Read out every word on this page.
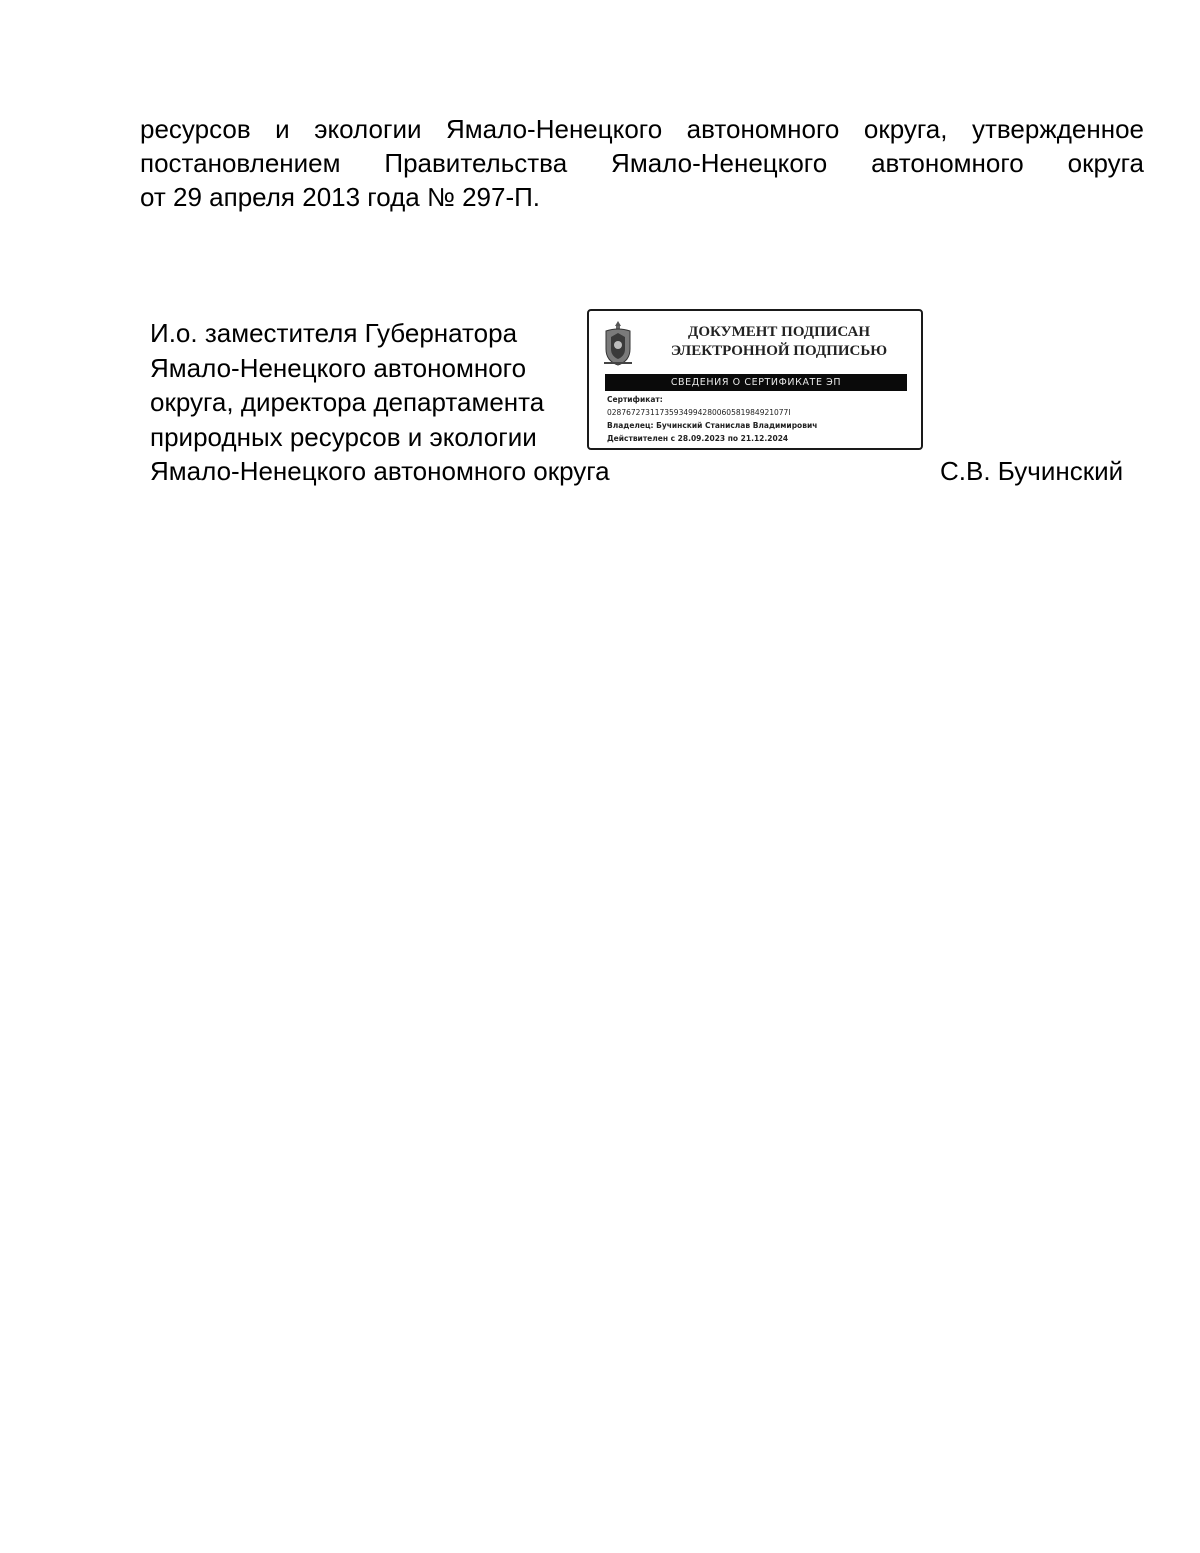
ресурсов и экологии Ямало-Ненецкого автономного округа, утвержденное
постановлением Правительства Ямало-Ненецкого автономного округа
от 29 апреля 2013 года № 297-П.
И.о. заместителя Губернатора
Ямало-Ненецкого автономного
округа, директора департамента
природных ресурсов и экологии
Ямало-Ненецкого автономного округа
ДОКУМЕНТ ПОДПИСАН
ЭЛЕКТРОННОЙ ПОДПИСЬЮ
СВЕДЕНИЯ О СЕРТИФИКАТЕ ЭП
Сертификат:
02876727311735934994280060581984921077I
Владелец: Бучинский Станислав Владимирович
Действителен с 28.09.2023 по 21.12.2024
С.В. Бучинский
